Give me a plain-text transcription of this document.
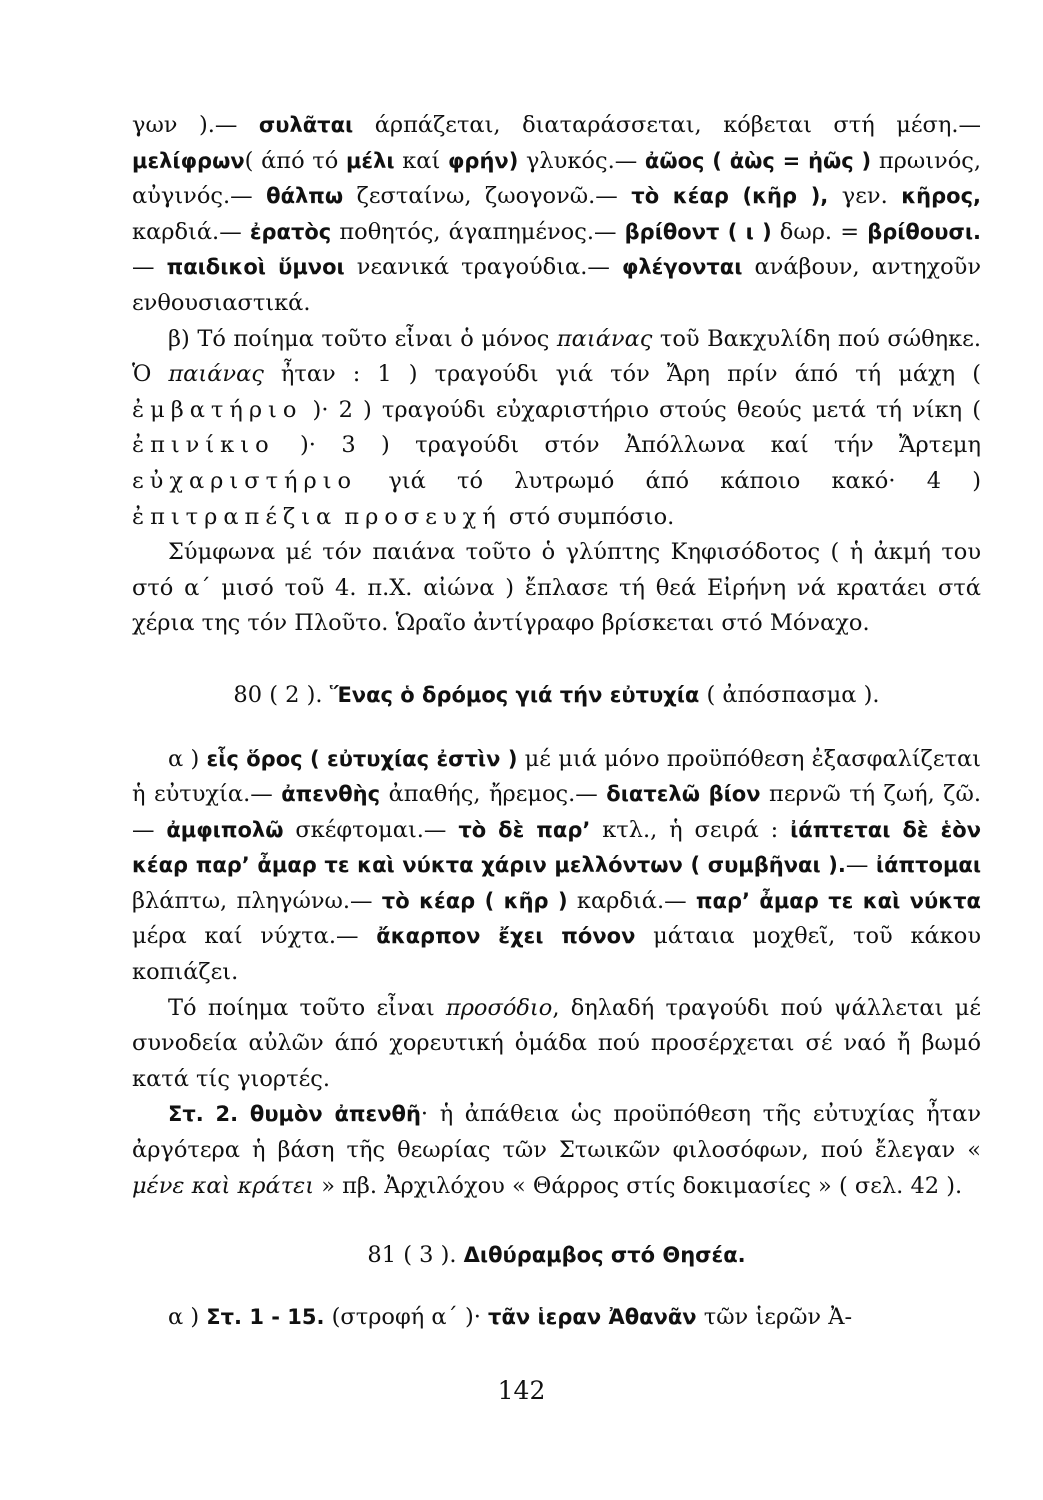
γων ).— συλᾶται άρπάζεται, διαταράσσεται, κόβεται στή μέση.— μελίφρων( άπό τό μέλι καί φρήν) γλυκός.— ἀῶος ( ἀὼς = ἠῶς ) πρωινός, αὐγινός.— θάλπω ζεσταίνω, ζωογονῶ.— τὸ κέαρ (κῆρ ), γεν. κῆρος, καρδιά.— ἐρατὸς ποθητός, άγαπημένος.— βρίθοντ ( ι ) δωρ. = βρίθουσι.— παιδικοὶ ὕμνοι νεανικά τραγούδια.— φλέγονται ανάβουν, αντηχοῦν ενθουσιαστικά.

β) Τό ποίημα τοῦτο εἶναι ὁ μόνος παιάνας τοῦ Βακχυλίδη πού σώθηκε. Ὁ παιάνας ἦταν : 1 ) τραγούδι γιά τόν Ἄρη πρίν άπό τή μάχη ( ἐμβατήριο )· 2 ) τραγούδι εὐχαριστήριο στούς θεούς μετά τή νίκη ( ἐπινίκιο )· 3 ) τραγούδι στόν Ἀπόλλωνα καί τήν Ἄρτεμη εὐχαριστήριο γιά τό λυτρωμό άπό κάποιο κακό· 4 ) ἐπιτραπέζια προσευχή στό συμπόσιο.

Σύμφωνα μέ τόν παιάνα τοῦτο ὁ γλύπτης Κηφισόδοτος ( ἡ ἀκμή του στό α΄ μισό τοῦ 4. π.Χ. αἰώνα ) ἔπλασε τή θεά Εἰρήνη νά κρατάει στά χέρια της τόν Πλοῦτο. Ὡραῖο ἀντίγραφο βρίσκεται στό Μόναχο.

80 ( 2 ). Ἕνας ὁ δρόμος γιά τήν εὐτυχία ( ἀπόσπασμα ).

α ) εἷς ὅρος ( εὐτυχίας ἐστὶν ) μέ μιά μόνο προϋπόθεση ἐξασφαλίζεται ἡ εὐτυχία.— ἀπενθὴς ἀπαθής, ἤρεμος.— διατελῶ βίον περνῶ τή ζωή, ζῶ.— ἀμφιπολῶ σκέφτομαι.— τὸ δὲ παρ’ κτλ., ἡ σειρά : ἰάπτεται δὲ ἑὸν κέαρ παρ’ ἆμαρ τε καὶ νύκτα χάριν μελλόντων ( συμβῆναι ).— ἰάπτομαι βλάπτω, πληγώνω.— τὸ κέαρ ( κῆρ ) καρδιά.— παρ’ ἆμαρ τε καὶ νύκτα μέρα καί νύχτα.— ἄκαρπον ἔχει πόνον μάταια μοχθεῖ, τοῦ κάκου κοπιάζει.

Τό ποίημα τοῦτο εἶναι προσόδιο, δηλαδή τραγούδι πού ψάλλεται μέ συνοδεία αὐλῶν άπό χορευτική ὁμάδα πού προσέρχεται σέ ναό ἤ βωμό κατά τίς γιορτές.

Στ. 2. θυμὸν ἀπενθῆ· ἡ ἀπάθεια ὡς προϋπόθεση τῆς εὐτυχίας ἦταν ἀργότερα ἡ βάση τῆς θεωρίας τῶν Στωικῶν φιλοσόφων, πού ἔλεγαν « μένε καὶ κράτει » πβ. Ἀρχιλόχου « Θάρρος στίς δοκιμασίες » ( σελ. 42 ).

81 ( 3 ). Διθύραμβος στό Θησέα.

α ) Στ. 1 - 15. (στροφή α΄ )· τᾶν ἱεραν Ἀθανᾶν τῶν ἱερῶν Ἀ-

142
